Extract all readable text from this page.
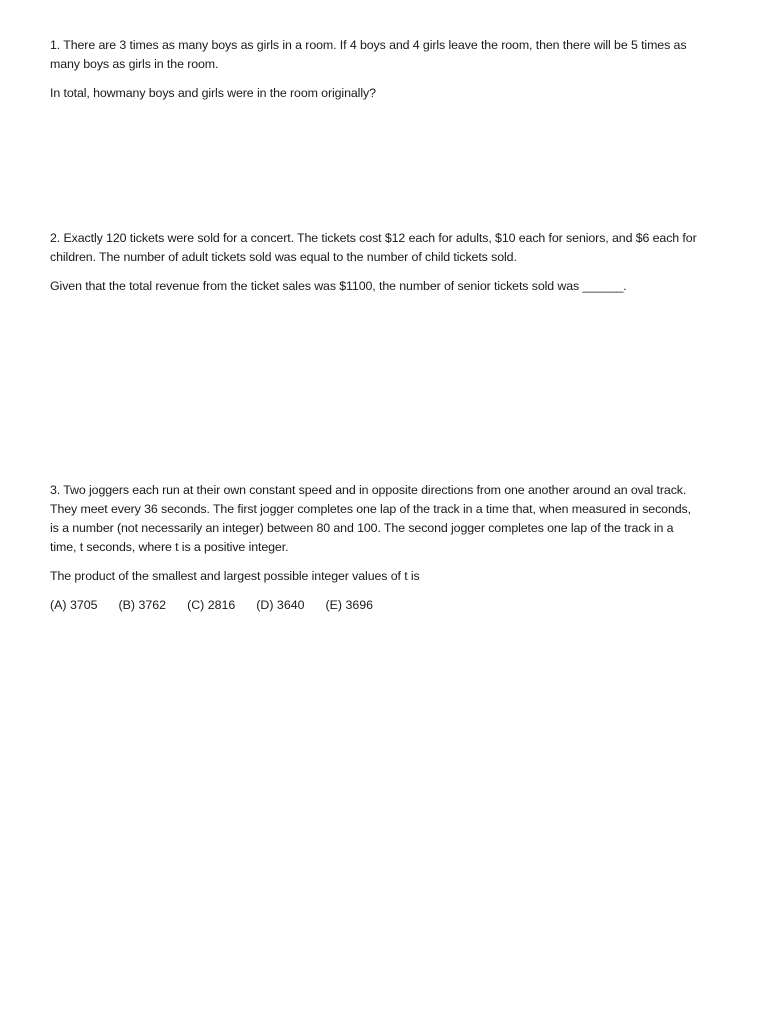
1. There are 3 times as many boys as girls in a room. If 4 boys and 4 girls leave the room, then there will be 5 times as many boys as girls in the room.

In total, howmany boys and girls were in the room originally?

2. Exactly 120 tickets were sold for a concert. The tickets cost $12 each for adults, $10 each for seniors, and $6 each for children. The number of adult tickets sold was equal to the number of child tickets sold.

Given that the total revenue from the ticket sales was $1100, the number of senior tickets sold was ______.

3. Two joggers each run at their own constant speed and in opposite directions from one another around an oval track. They meet every 36 seconds. The first jogger completes one lap of the track in a time that, when measured in seconds, is a number (not necessarily an integer) between 80 and 100. The second jogger completes one lap of the track in a time, t seconds, where t is a positive integer.

The product of the smallest and largest possible integer values of t is

(A) 3705 (B) 3762 (C) 2816 (D) 3640 (E) 3696
